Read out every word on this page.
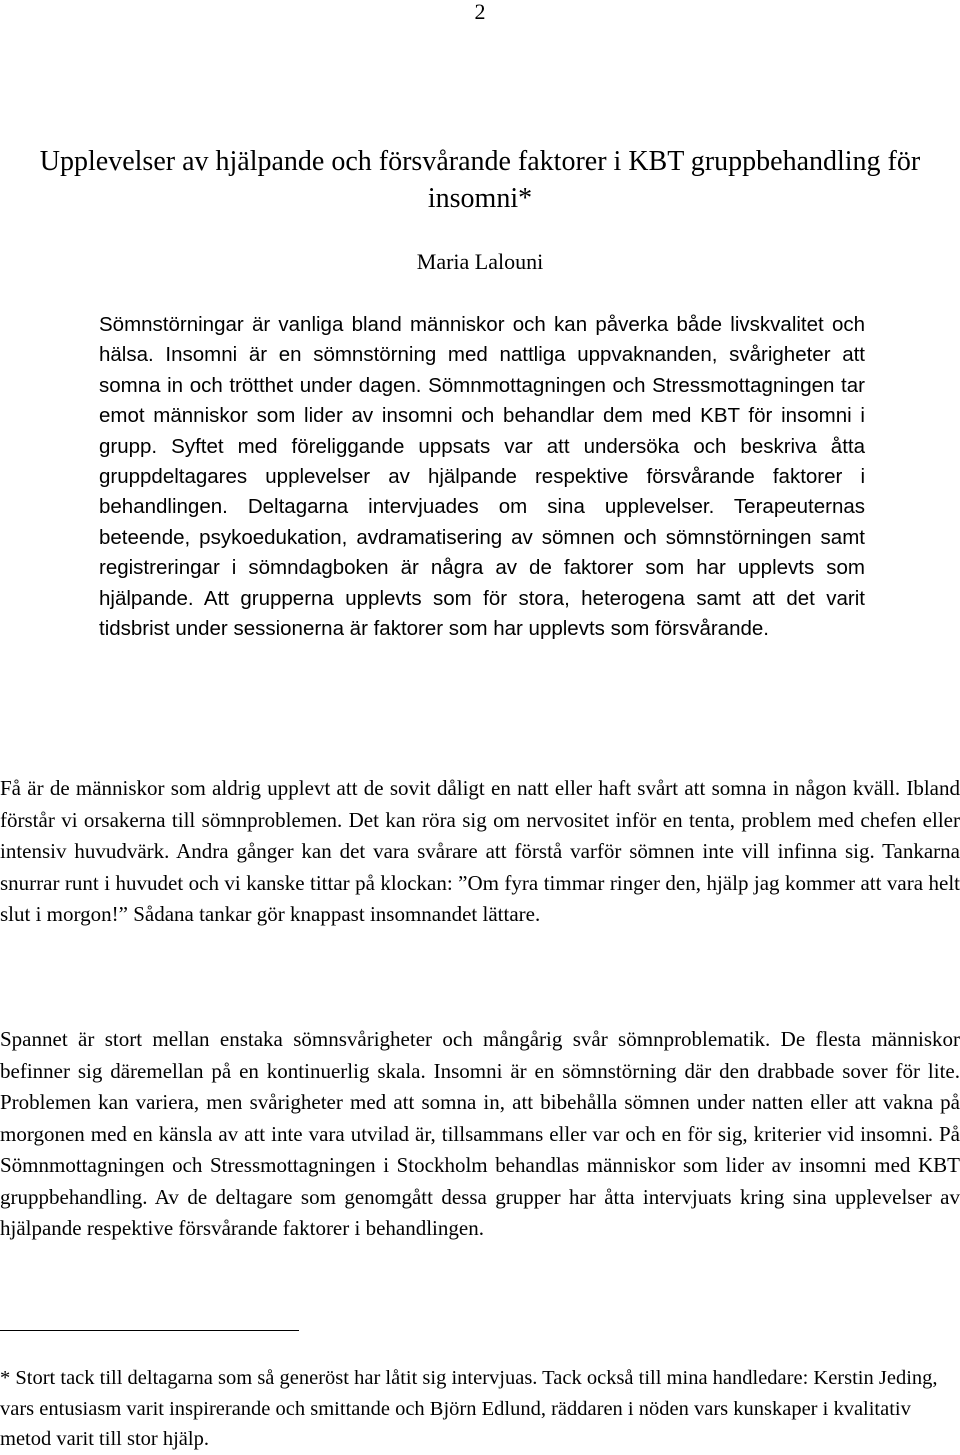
2
Upplevelser av hjälpande och försvårande faktorer i KBT gruppbehandling för insomni*
Maria Lalouni

Sömnstörningar är vanliga bland människor och kan påverka både livskvalitet och hälsa. Insomni är en sömnstörning med nattliga uppvaknanden, svårigheter att somna in och trötthet under dagen. Sömnmottagningen och Stressmottagningen tar emot människor som lider av insomni och behandlar dem med KBT för insomni i grupp. Syftet med föreliggande uppsats var att undersöka och beskriva åtta gruppdeltagares upplevelser av hjälpande respektive försvårande faktorer i behandlingen. Deltagarna intervjuades om sina upplevelser. Terapeuternas beteende, psykoedukation, avdramatisering av sömnen och sömnstörningen samt registreringar i sömndagboken är några av de faktorer som har upplevts som hjälpande. Att grupperna upplevts som för stora, heterogena samt att det varit tidsbrist under sessionerna är faktorer som har upplevts som försvårande.

Få är de människor som aldrig upplevt att de sovit dåligt en natt eller haft svårt att somna in någon kväll. Ibland förstår vi orsakerna till sömnproblemen. Det kan röra sig om nervositet inför en tenta, problem med chefen eller intensiv huvudvärk. Andra gånger kan det vara svårare att förstå varför sömnen inte vill infinna sig. Tankarna snurrar runt i huvudet och vi kanske tittar på klockan: ”Om fyra timmar ringer den, hjälp jag kommer att vara helt slut i morgon!” Sådana tankar gör knappast insomnandet lättare.

Spannet är stort mellan enstaka sömnsvårigheter och mångårig svår sömnproblematik. De flesta människor befinner sig däremellan på en kontinuerlig skala. Insomni är en sömnstörning där den drabbade sover för lite. Problemen kan variera, men svårigheter med att somna in, att bibehålla sömnen under natten eller att vakna på morgonen med en känsla av att inte vara utvilad är, tillsammans eller var och en för sig, kriterier vid insomni. På Sömnmottagningen och Stressmottagningen i Stockholm behandlas människor som lider av insomni med KBT gruppbehandling. Av de deltagare som genomgått dessa grupper har åtta intervjuats kring sina upplevelser av hjälpande respektive försvårande faktorer i behandlingen.

* Stort tack till deltagarna som så generöst har låtit sig intervjuas. Tack också till mina handledare: Kerstin Jeding, vars entusiasm varit inspirerande och smittande och Björn Edlund, räddaren i nöden vars kunskaper i kvalitativ metod varit till stor hjälp.
